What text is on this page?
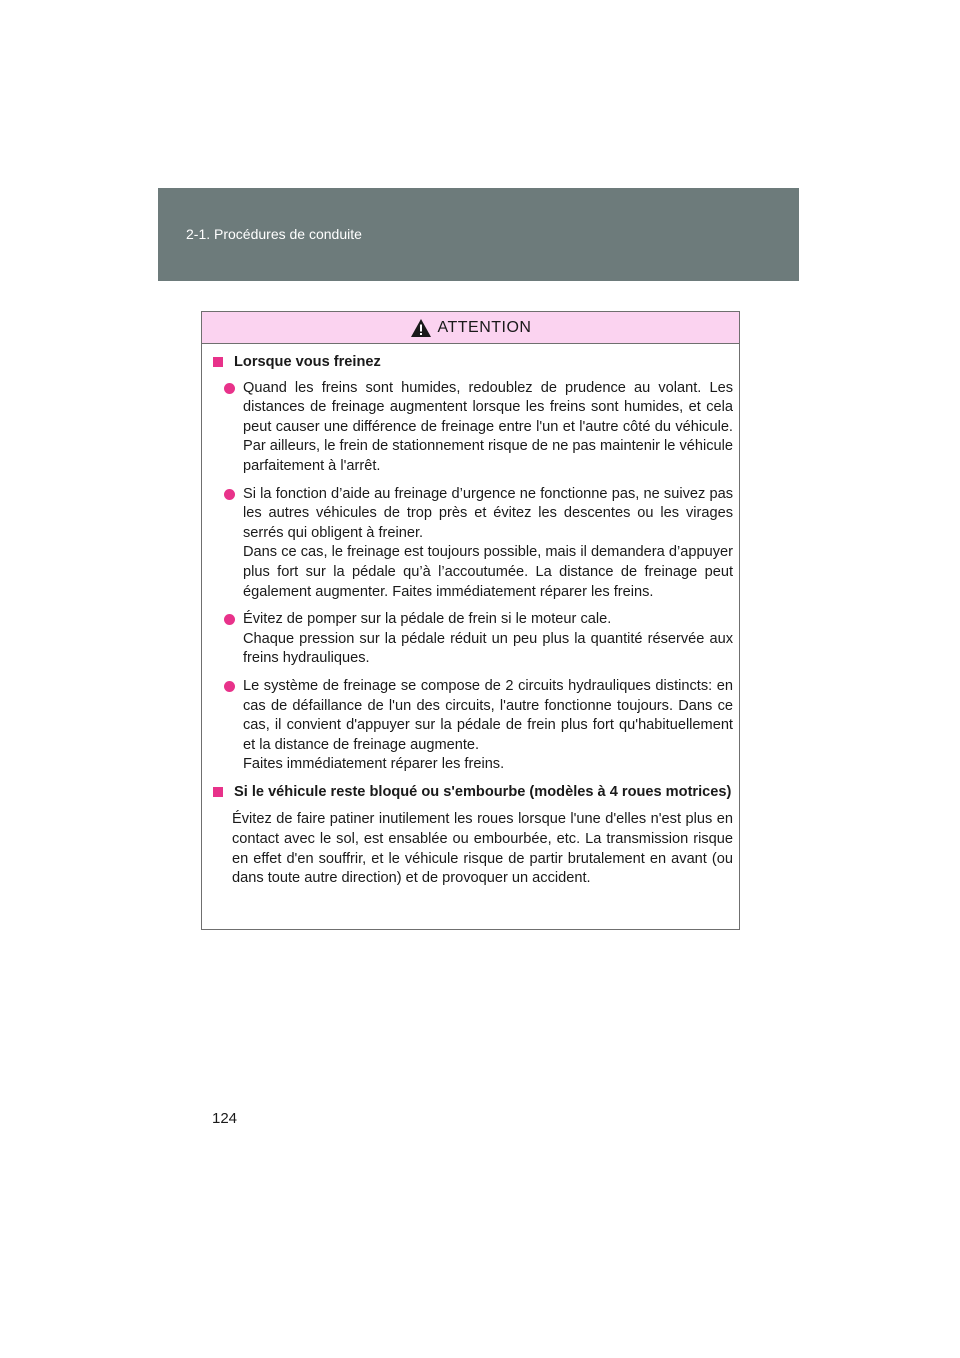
2-1. Procédures de conduite
ATTENTION
Lorsque vous freinez

Quand les freins sont humides, redoublez de prudence au volant. Les distances de freinage augmentent lorsque les freins sont humides, et cela peut causer une différence de freinage entre l'un et l'autre côté du véhicule. Par ailleurs, le frein de stationnement risque de ne pas maintenir le véhicule parfaitement à l'arrêt.

Si la fonction d’aide au freinage d’urgence ne fonctionne pas, ne suivez pas les autres véhicules de trop près et évitez les descentes ou les virages serrés qui obligent à freiner.

Dans ce cas, le freinage est toujours possible, mais il demandera d’appuyer plus fort sur la pédale qu’à l’accoutumée. La distance de freinage peut également augmenter. Faites immédiatement réparer les freins.

Évitez de pomper sur la pédale de frein si le moteur cale.

Chaque pression sur la pédale réduit un peu plus la quantité réservée aux freins hydrauliques.

Le système de freinage se compose de 2 circuits hydrauliques distincts: en cas de défaillance de l'un des circuits, l'autre fonctionne toujours. Dans ce cas, il convient d'appuyer sur la pédale de frein plus fort qu'habituellement et la distance de freinage augmente.

Faites immédiatement réparer les freins.

Si le véhicule reste bloqué ou s'embourbe (modèles à 4 roues motrices)

Évitez de faire patiner inutilement les roues lorsque l'une d'elles n'est plus en contact avec le sol, est ensablée ou embourbée, etc. La transmission risque en effet d'en souffrir, et le véhicule risque de partir brutalement en avant (ou dans toute autre direction) et de provoquer un accident.

124
